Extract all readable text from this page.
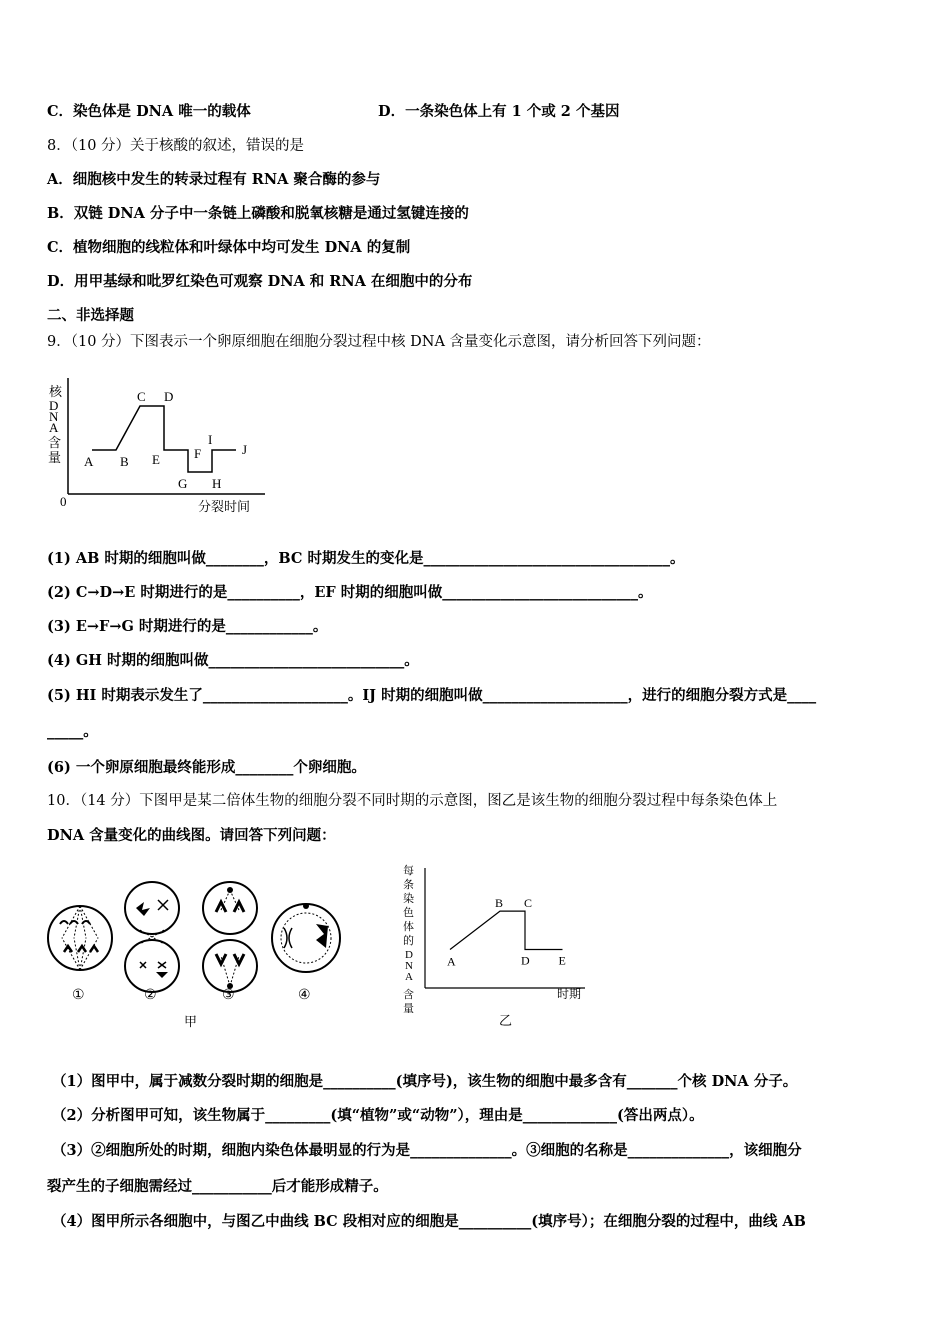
C．染色体是 DNA 唯一的载体	D．一条染色体上有 1 个或 2 个基因
8．（10 分）关于核酸的叙述，错误的是
A．细胞核中发生的转录过程有 RNA 聚合酶的参与
B．双链 DNA 分子中一条链上磷酸和脱氧核糖是通过氢键连接的
C．植物细胞的线粒体和叶绿体中均可发生 DNA 的复制
D．用甲基绿和吡罗红染色可观察 DNA 和 RNA 在细胞中的分布
二、非选择题
9．（10 分）下图表示一个卵原细胞在细胞分裂过程中核 DNA 含量变化示意图，请分析回答下列问题：
核
D
N
A
含
量
0	分裂时间
A B
C D
E	F
G H
I
J
(1) AB 时期的细胞叫做________，BC 时期发生的变化是__________________________________。
(2) C→D→E 时期进行的是__________，EF 时期的细胞叫做___________________________。
(3) E→F→G 时期进行的是____________。
(4) GH 时期的细胞叫做___________________________。
(5) HI 时期表示发生了____________________。IJ 时期的细胞叫做____________________，进行的细胞分裂方式是____
_____。
(6) 一个卵原细胞最终能形成________个卵细胞。
10．（14 分）下图甲是某二倍体生物的细胞分裂不同时期的示意图，图乙是该生物的细胞分裂过程中每条染色体上
DNA 含量变化的曲线图。请回答下列问题：
①	②	③	④
甲
每
条
染
色
体
的
D
N
A
含
量
时期
乙
A
B C
D E
（1）图甲中，属于减数分裂时期的细胞是__________(填序号)，该生物的细胞中最多含有_______个核 DNA 分子。
（2）分析图甲可知，该生物属于_________(填“植物”或“动物”），理由是_____________(答出两点）。
（3）②细胞所处的时期，细胞内染色体最明显的行为是______________。③细胞的名称是______________，该细胞分
裂产生的子细胞需经过___________后才能形成精子。
（4）图甲所示各细胞中，与图乙中曲线 BC 段相对应的细胞是__________(填序号）；在细胞分裂的过程中，曲线 AB
